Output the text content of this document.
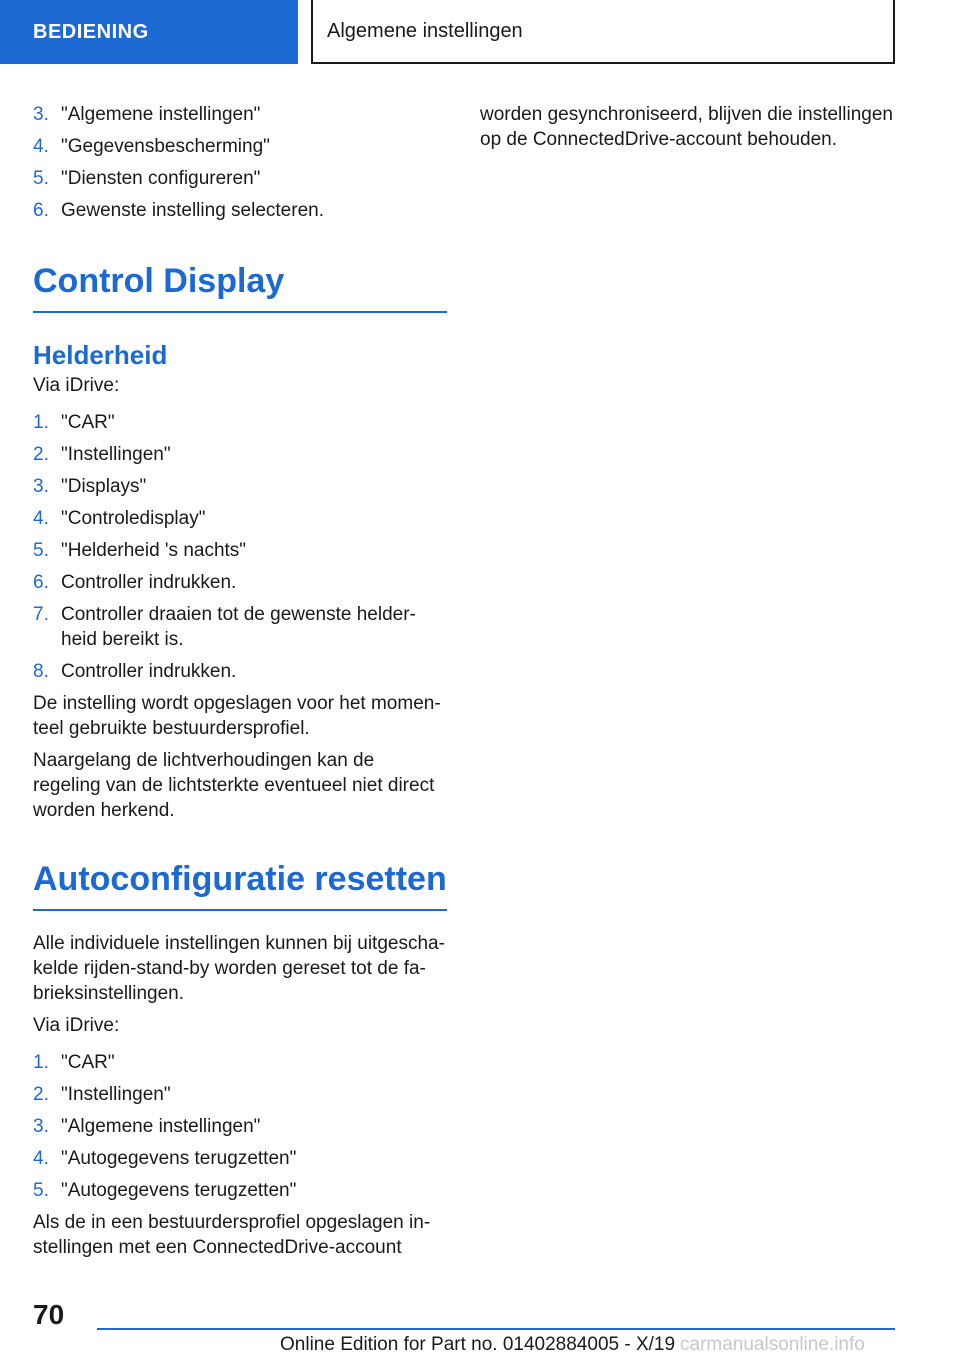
BEDIENING	Algemene instellingen
3. "Algemene instellingen"
4. "Gegevensbescherming"
5. "Diensten configureren"
6. Gewenste instelling selecteren.
Control Display
Helderheid

Via iDrive:

1. "CAR"
2. "Instellingen"
3. "Displays"
4. "Controledisplay"
5. "Helderheid 's nachts"
6. Controller indrukken.
7. Controller draaien tot de gewenste helder-heid bereikt is.
8. Controller indrukken.

De instelling wordt opgeslagen voor het momen-teel gebruikte bestuurdersprofiel.

Naargelang de lichtverhoudingen kan de regeling van de lichtsterkte eventueel niet direct worden herkend.

Autoconfiguratie resetten

Alle individuele instellingen kunnen bij uitgescha-kelde rijden-stand-by worden gereset tot de fa-brieksinstellingen.

Via iDrive:

1. "CAR"
2. "Instellingen"
3. "Algemene instellingen"
4. "Autogegevens terugzetten"
5. "Autogegevens terugzetten"

Als de in een bestuurdersprofiel opgeslagen in-stellingen met een ConnectedDrive-account

worden gesynchroniseerd, blijven die instellingen op de ConnectedDrive-account behouden.

70
Online Edition for Part no. 01402884005 - X/19 carmanualsonline.info
